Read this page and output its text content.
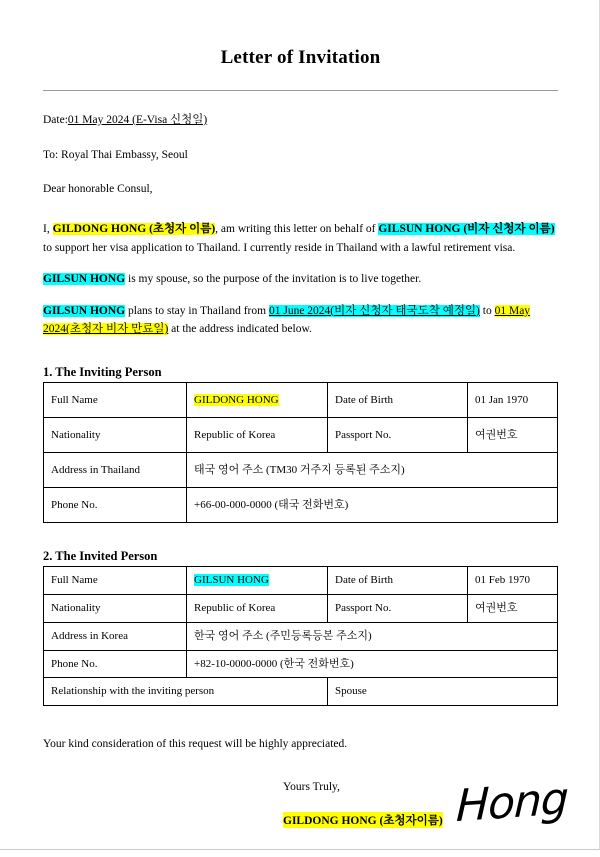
Letter of Invitation
Date:01 May 2024 (E-Visa 신청일)
To: Royal Thai Embassy, Seoul
Dear honorable Consul,
I, GILDONG HONG (초청자 이름), am writing this letter on behalf of GILSUN HONG (비자 신청자 이름) to support her visa application to Thailand. I currently reside in Thailand with a lawful retirement visa.
GILSUN HONG is my spouse, so the purpose of the invitation is to live together.
GILSUN HONG plans to stay in Thailand from 01 June 2024(비자 신청자 태국도착 예정일) to 01 May 2024(초청자 비자 만료일) at the address indicated below.
1. The Inviting Person
Full Name	GILDONG HONG	Date of Birth	01 Jan 1970
Nationality	Republic of Korea	Passport No.	여권번호
Address in Thailand	태국 영어 주소 (TM30 거주지 등록된 주소지)		
Phone No.	+66-00-000-0000 (태국 전화번호)		
2. The Invited Person
Full Name	GILSUN HONG	Date of Birth	01 Feb 1970
Nationality	Republic of Korea	Passport No.	여권번호
Address in Korea	한국 영어 주소 (주민등록등본 주소지)		
Phone No.	+82-10-0000-0000 (한국 전화번호)		
Relationship with the inviting person		Spouse	
Your kind consideration of this request will be highly appreciated.
Yours Truly,
GILDONG HONG (초청자이름) Hong
